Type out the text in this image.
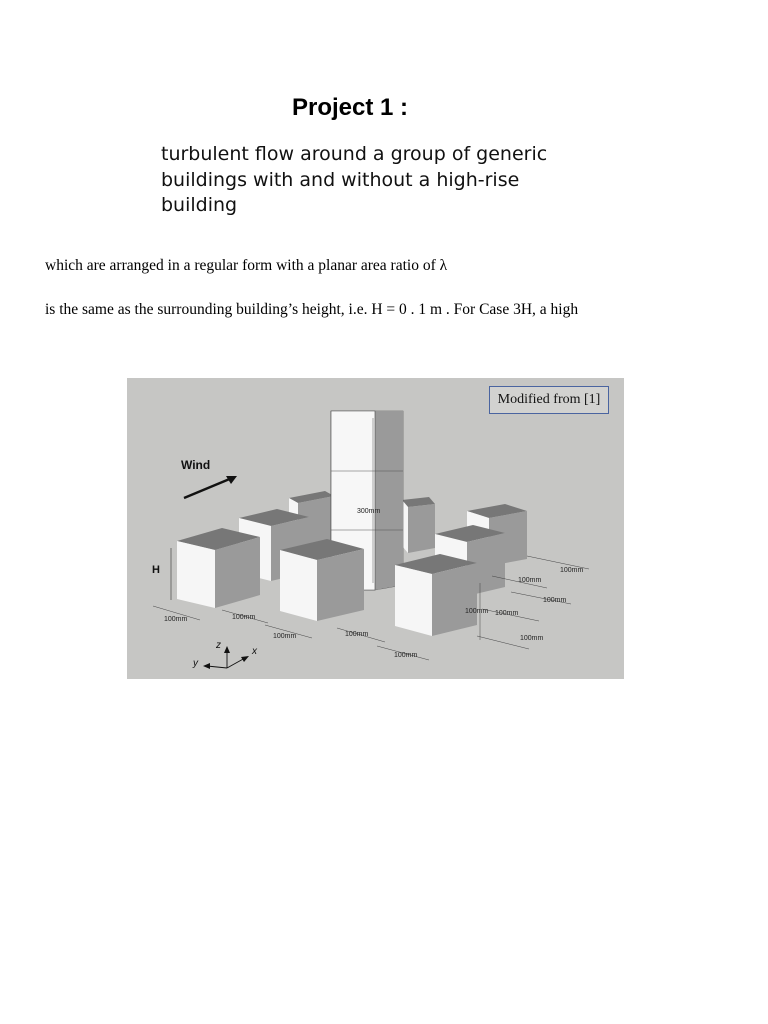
Project 1 :
turbulent flow around a group of generic
buildings with and without a high-rise
building
which are arranged in a regular form with a planar area ratio of λ
is the same as the surrounding building’s height, i.e. H = 0 . 1 m . For Case 3H, a high
Wind
H
300mm
100mm	100mm
100mm	100mm
100mm
100mm
100mm
100mm
100mm 100mm
100mm
z
y
x
Modified from [1]
